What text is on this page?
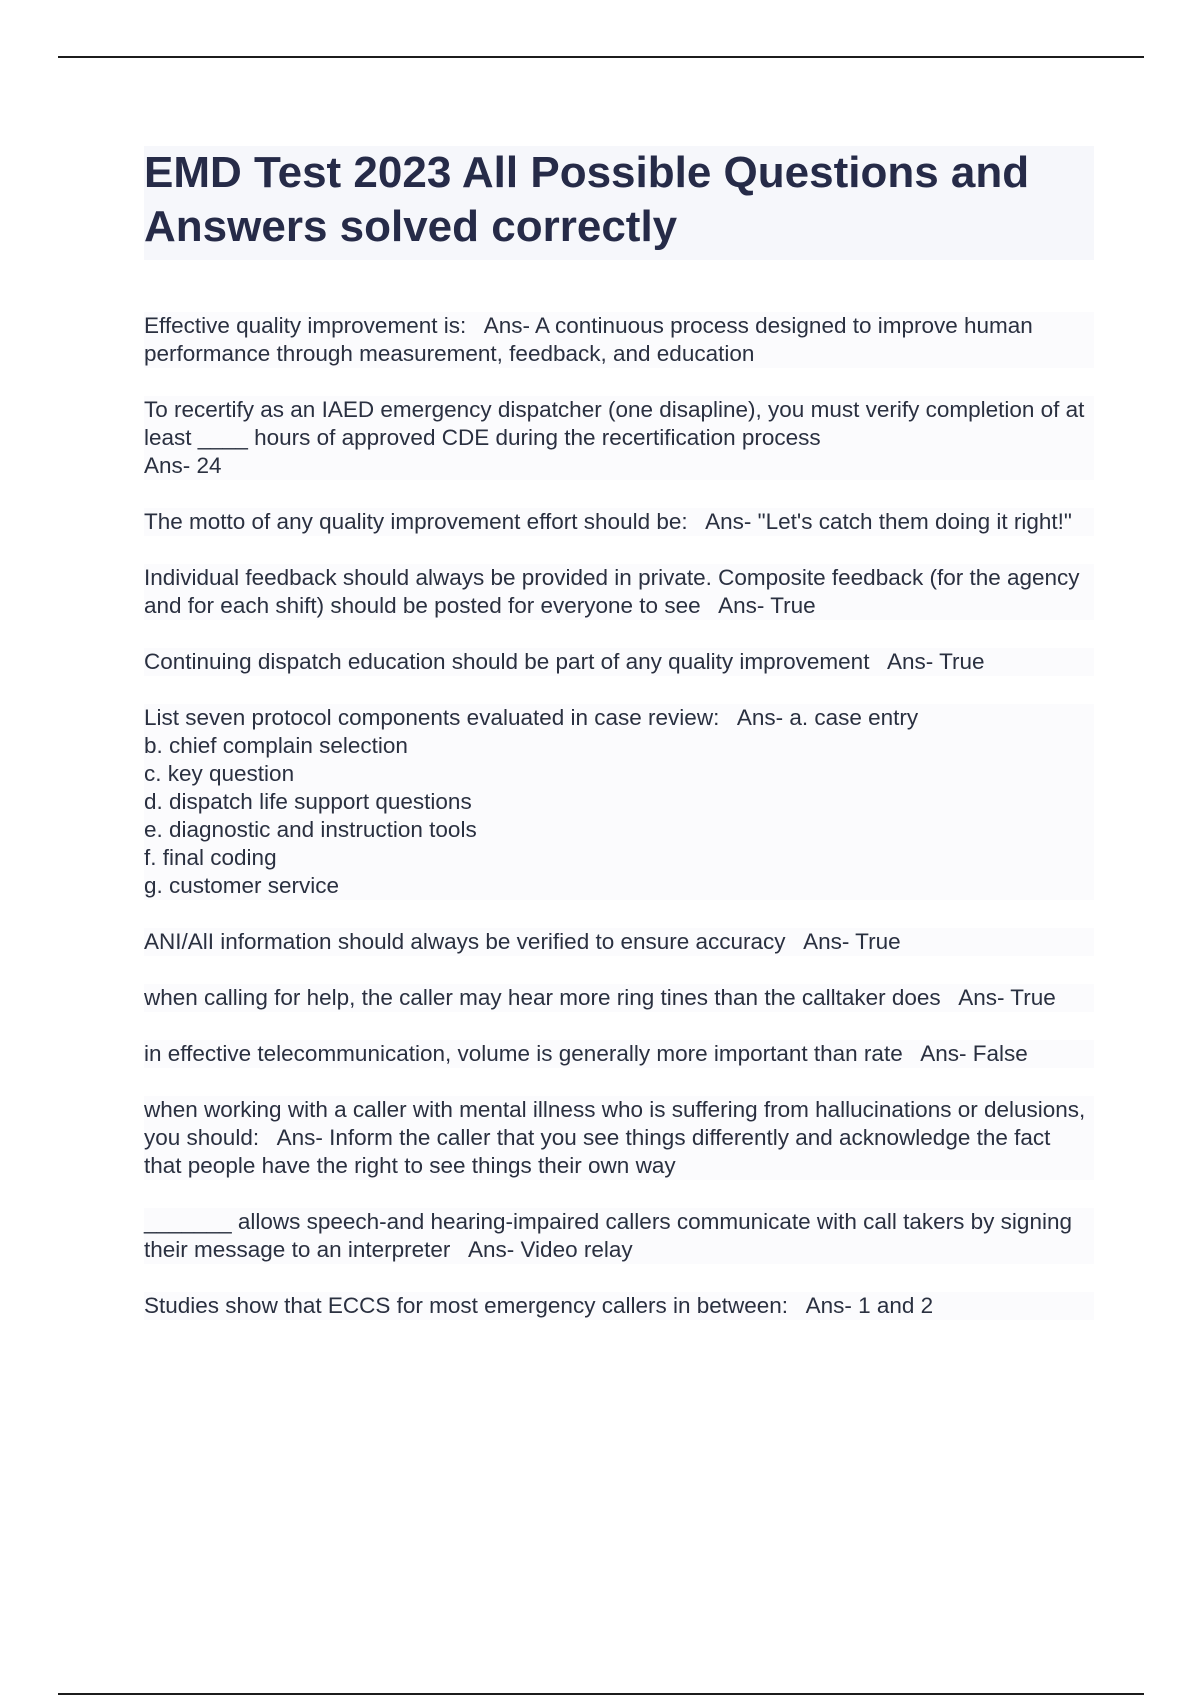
EMD Test 2023 All Possible Questions and Answers solved correctly

Effective quality improvement is: Ans- A continuous process designed to improve human performance through measurement, feedback, and education

To recertify as an IAED emergency dispatcher (one disapline), you must verify completion of at least ____ hours of approved CDE during the recertification process
Ans- 24

The motto of any quality improvement effort should be: Ans- "Let's catch them doing it right!"

Individual feedback should always be provided in private. Composite feedback (for the agency and for each shift) should be posted for everyone to see Ans- True

Continuing dispatch education should be part of any quality improvement Ans- True

List seven protocol components evaluated in case review: Ans- a. case entry
b. chief complain selection
c. key question
d. dispatch life support questions
e. diagnostic and instruction tools
f. final coding
g. customer service

ANI/AlI information should always be verified to ensure accuracy Ans- True

when calling for help, the caller may hear more ring tines than the calltaker does Ans- True

in effective telecommunication, volume is generally more important than rate Ans- False

when working with a caller with mental illness who is suffering from hallucinations or delusions, you should: Ans- Inform the caller that you see things differently and acknowledge the fact that people have the right to see things their own way

_______ allows speech-and hearing-impaired callers communicate with call takers by signing their message to an interpreter Ans- Video relay

Studies show that ECCS for most emergency callers in between: Ans- 1 and 2
